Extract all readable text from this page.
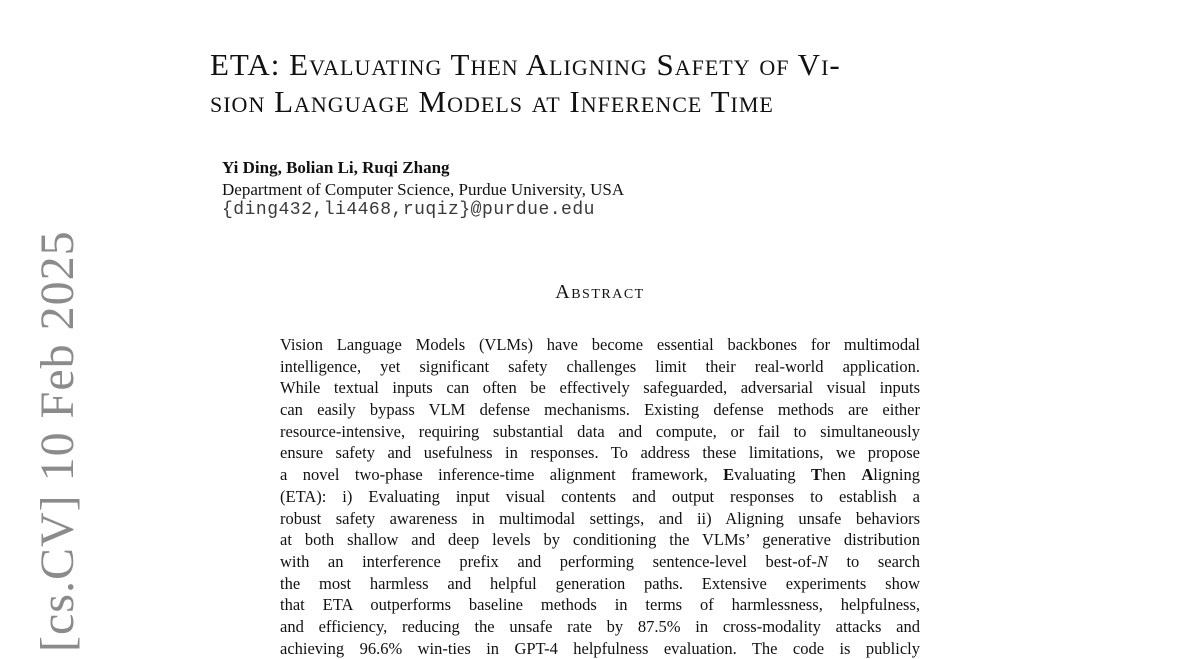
[cs.CV] 10 Feb 2025
ETA: Evaluating Then Aligning Safety of Vi-
sion Language Models at Inference Time
Yi Ding, Bolian Li, Ruqi Zhang
Department of Computer Science, Purdue University, USA
{ding432,li4468,ruqiz}@purdue.edu
Abstract
Vision Language Models (VLMs) have become essential backbones for multimodal
intelligence, yet significant safety challenges limit their real-world application.
While textual inputs can often be effectively safeguarded, adversarial visual inputs
can easily bypass VLM defense mechanisms. Existing defense methods are either
resource-intensive, requiring substantial data and compute, or fail to simultaneously
ensure safety and usefulness in responses. To address these limitations, we propose
a novel two-phase inference-time alignment framework, Evaluating Then Aligning
(ETA): i) Evaluating input visual contents and output responses to establish a
robust safety awareness in multimodal settings, and ii) Aligning unsafe behaviors
at both shallow and deep levels by conditioning the VLMs’ generative distribution
with an interference prefix and performing sentence-level best-of-N to search
the most harmless and helpful generation paths. Extensive experiments show
that ETA outperforms baseline methods in terms of harmlessness, helpfulness,
and efficiency, reducing the unsafe rate by 87.5% in cross-modality attacks and
achieving 96.6% win-ties in GPT-4 helpfulness evaluation. The code is publicly
